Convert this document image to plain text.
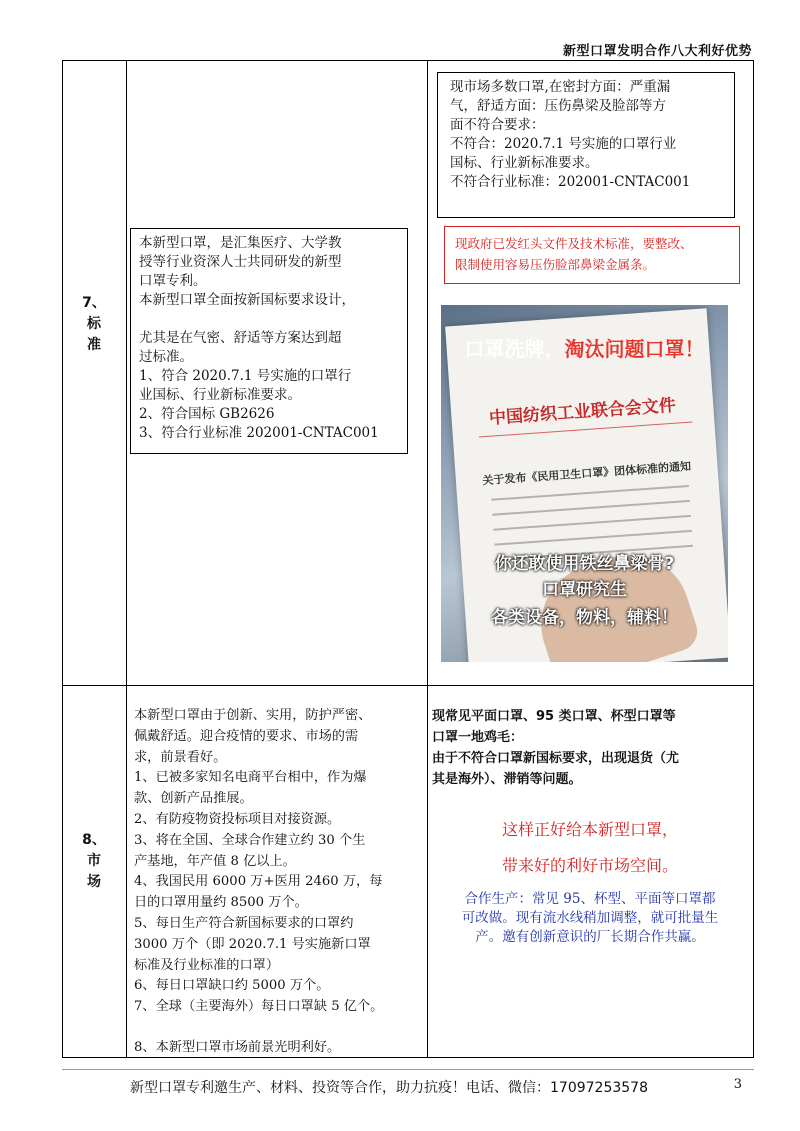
新型口罩发明合作八大利好优势
7、
标
准

本新型口罩，是汇集医疗、大学教

授等行业资深人士共同研发的新型

口罩专利。

本新型口罩全面按新国标要求设计，

尤其是在气密、舒适等方案达到超

过标准。

1、符合 2020.7.1 号实施的口罩行

业国标、行业新标准要求。

2、符合国标 GB2626

3、符合行业标准 202001-CNTAC001

现市场多数口罩,在密封方面：严重漏

气，舒适方面：压伤鼻梁及脸部等方

面不符合要求：

不符合：2020.7.1 号实施的口罩行业

国标、行业新标准要求。

不符合行业标准：202001-CNTAC001

现政府已发红头文件及技术标准，要整改、

限制使用容易压伤脸部鼻梁金属条。

中国纺织工业联合会文件
关于发布《民用卫生口罩》团体标准的通知
口罩洗牌，淘汰问题口罩！
你还敢使用铁丝鼻梁骨?
口罩研究生
各类设备，物料，辅料！
8、
市
场

本新型口罩由于创新、实用，防护严密、

佩戴舒适。迎合疫情的要求、市场的需

求，前景看好。

1、已被多家知名电商平台相中，作为爆

款、创新产品推展。

2、有防疫物资投标项目对接资源。

3、将在全国、全球合作建立约 30 个生

产基地，年产值 8 亿以上。

4、我国民用 6000 万+医用 2460 万，每

日的口罩用量约 8500 万个。

5、每日生产符合新国标要求的口罩约

3000 万个（即 2020.7.1 号实施新口罩

标准及行业标准的口罩）

6、每日口罩缺口约 5000 万个。

7、全球（主要海外）每日口罩缺 5 亿个。

8、本新型口罩市场前景光明利好。

现常见平面口罩、95 类口罩、杯型口罩等

口罩一地鸡毛：

由于不符合口罩新国标要求，出现退货（尤

其是海外）、滞销等问题。

这样正好给本新型口罩，

带来好的利好市场空间。

合作生产：常见 95、杯型、平面等口罩都

可改做。现有流水线稍加调整，就可批量生

产。邀有创新意识的厂长期合作共赢。

新型口罩专利邀生产、材料、投资等合作，助力抗疫！电话、微信：17097253578	3
